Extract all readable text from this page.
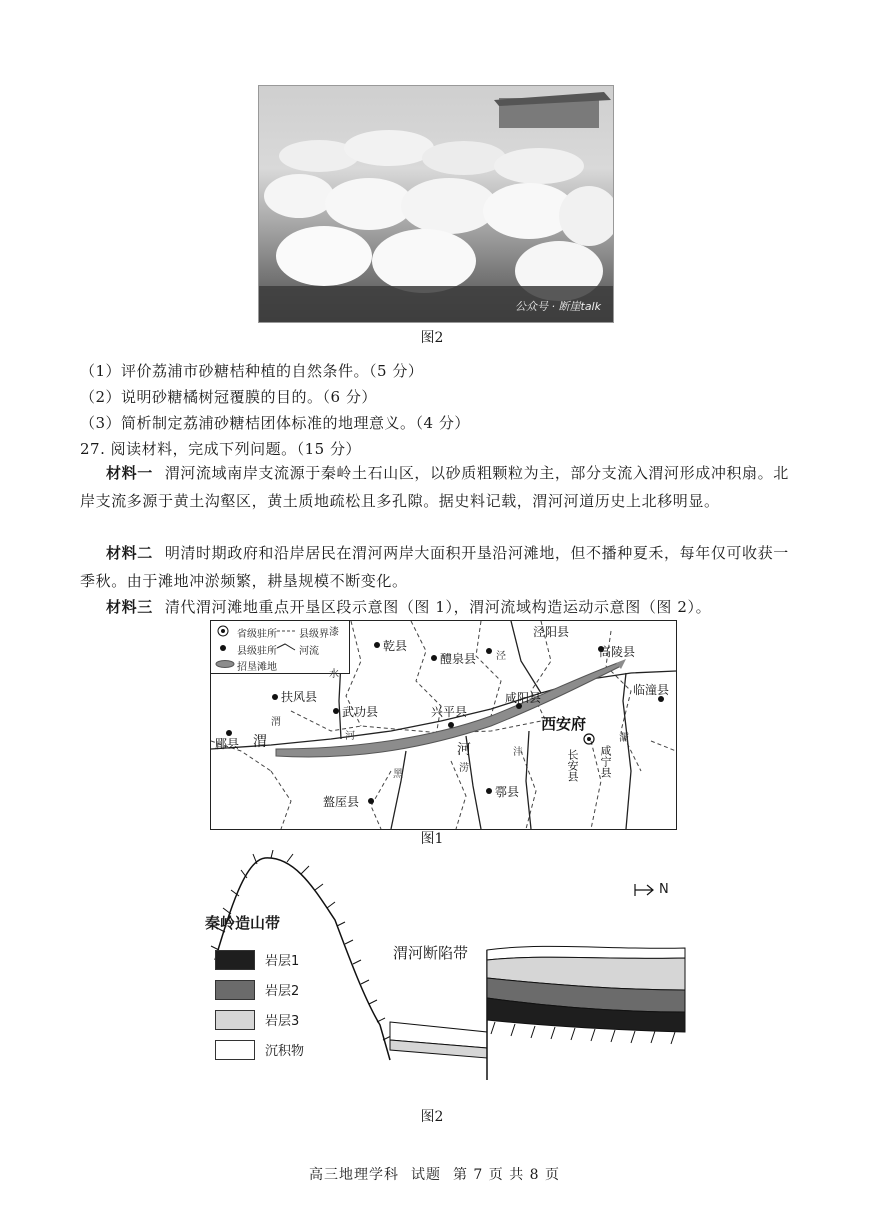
公众号 · 断崖talk
图2
（1）评价荔浦市砂糖桔种植的自然条件。（5 分）
（2）说明砂糖橘树冠覆膜的目的。（6 分）
（3）简析制定荔浦砂糖桔团体标准的地理意义。（4 分）
27. 阅读材料，完成下列问题。（15 分）
材料一 渭河流域南岸支流源于秦岭土石山区，以砂质粗颗粒为主，部分支流入渭河形成冲积扇。北岸支流多源于黄土沟壑区，黄土质地疏松且多孔隙。据史料记载，渭河河道历史上北移明显。
材料二 明清时期政府和沿岸居民在渭河两岸大面积开垦沿河滩地，但不播种夏禾，每年仅可收获一季秋。由于滩地冲淤频繁，耕垦规模不断变化。
材料三 清代渭河滩地重点开垦区段示意图（图 1），渭河流域构造运动示意图（图 2）。
省级驻所
县级驻所
招垦滩地
县级界
河流	乾县
醴泉县
泾阳县
高陵县
扶风县
武功县	兴平县
咸阳县
临潼县
郿县
盩厔县
鄠县
西安府
长安县 咸宁县
漆
水
渭
河
渭	河
泾
沣
涝
黑
灞
图1
N
秦岭造山带
渭河断陷带
岩层1
岩层2
岩层3
沉积物
图2
高三地理学科 试题 第 7 页 共 8 页
